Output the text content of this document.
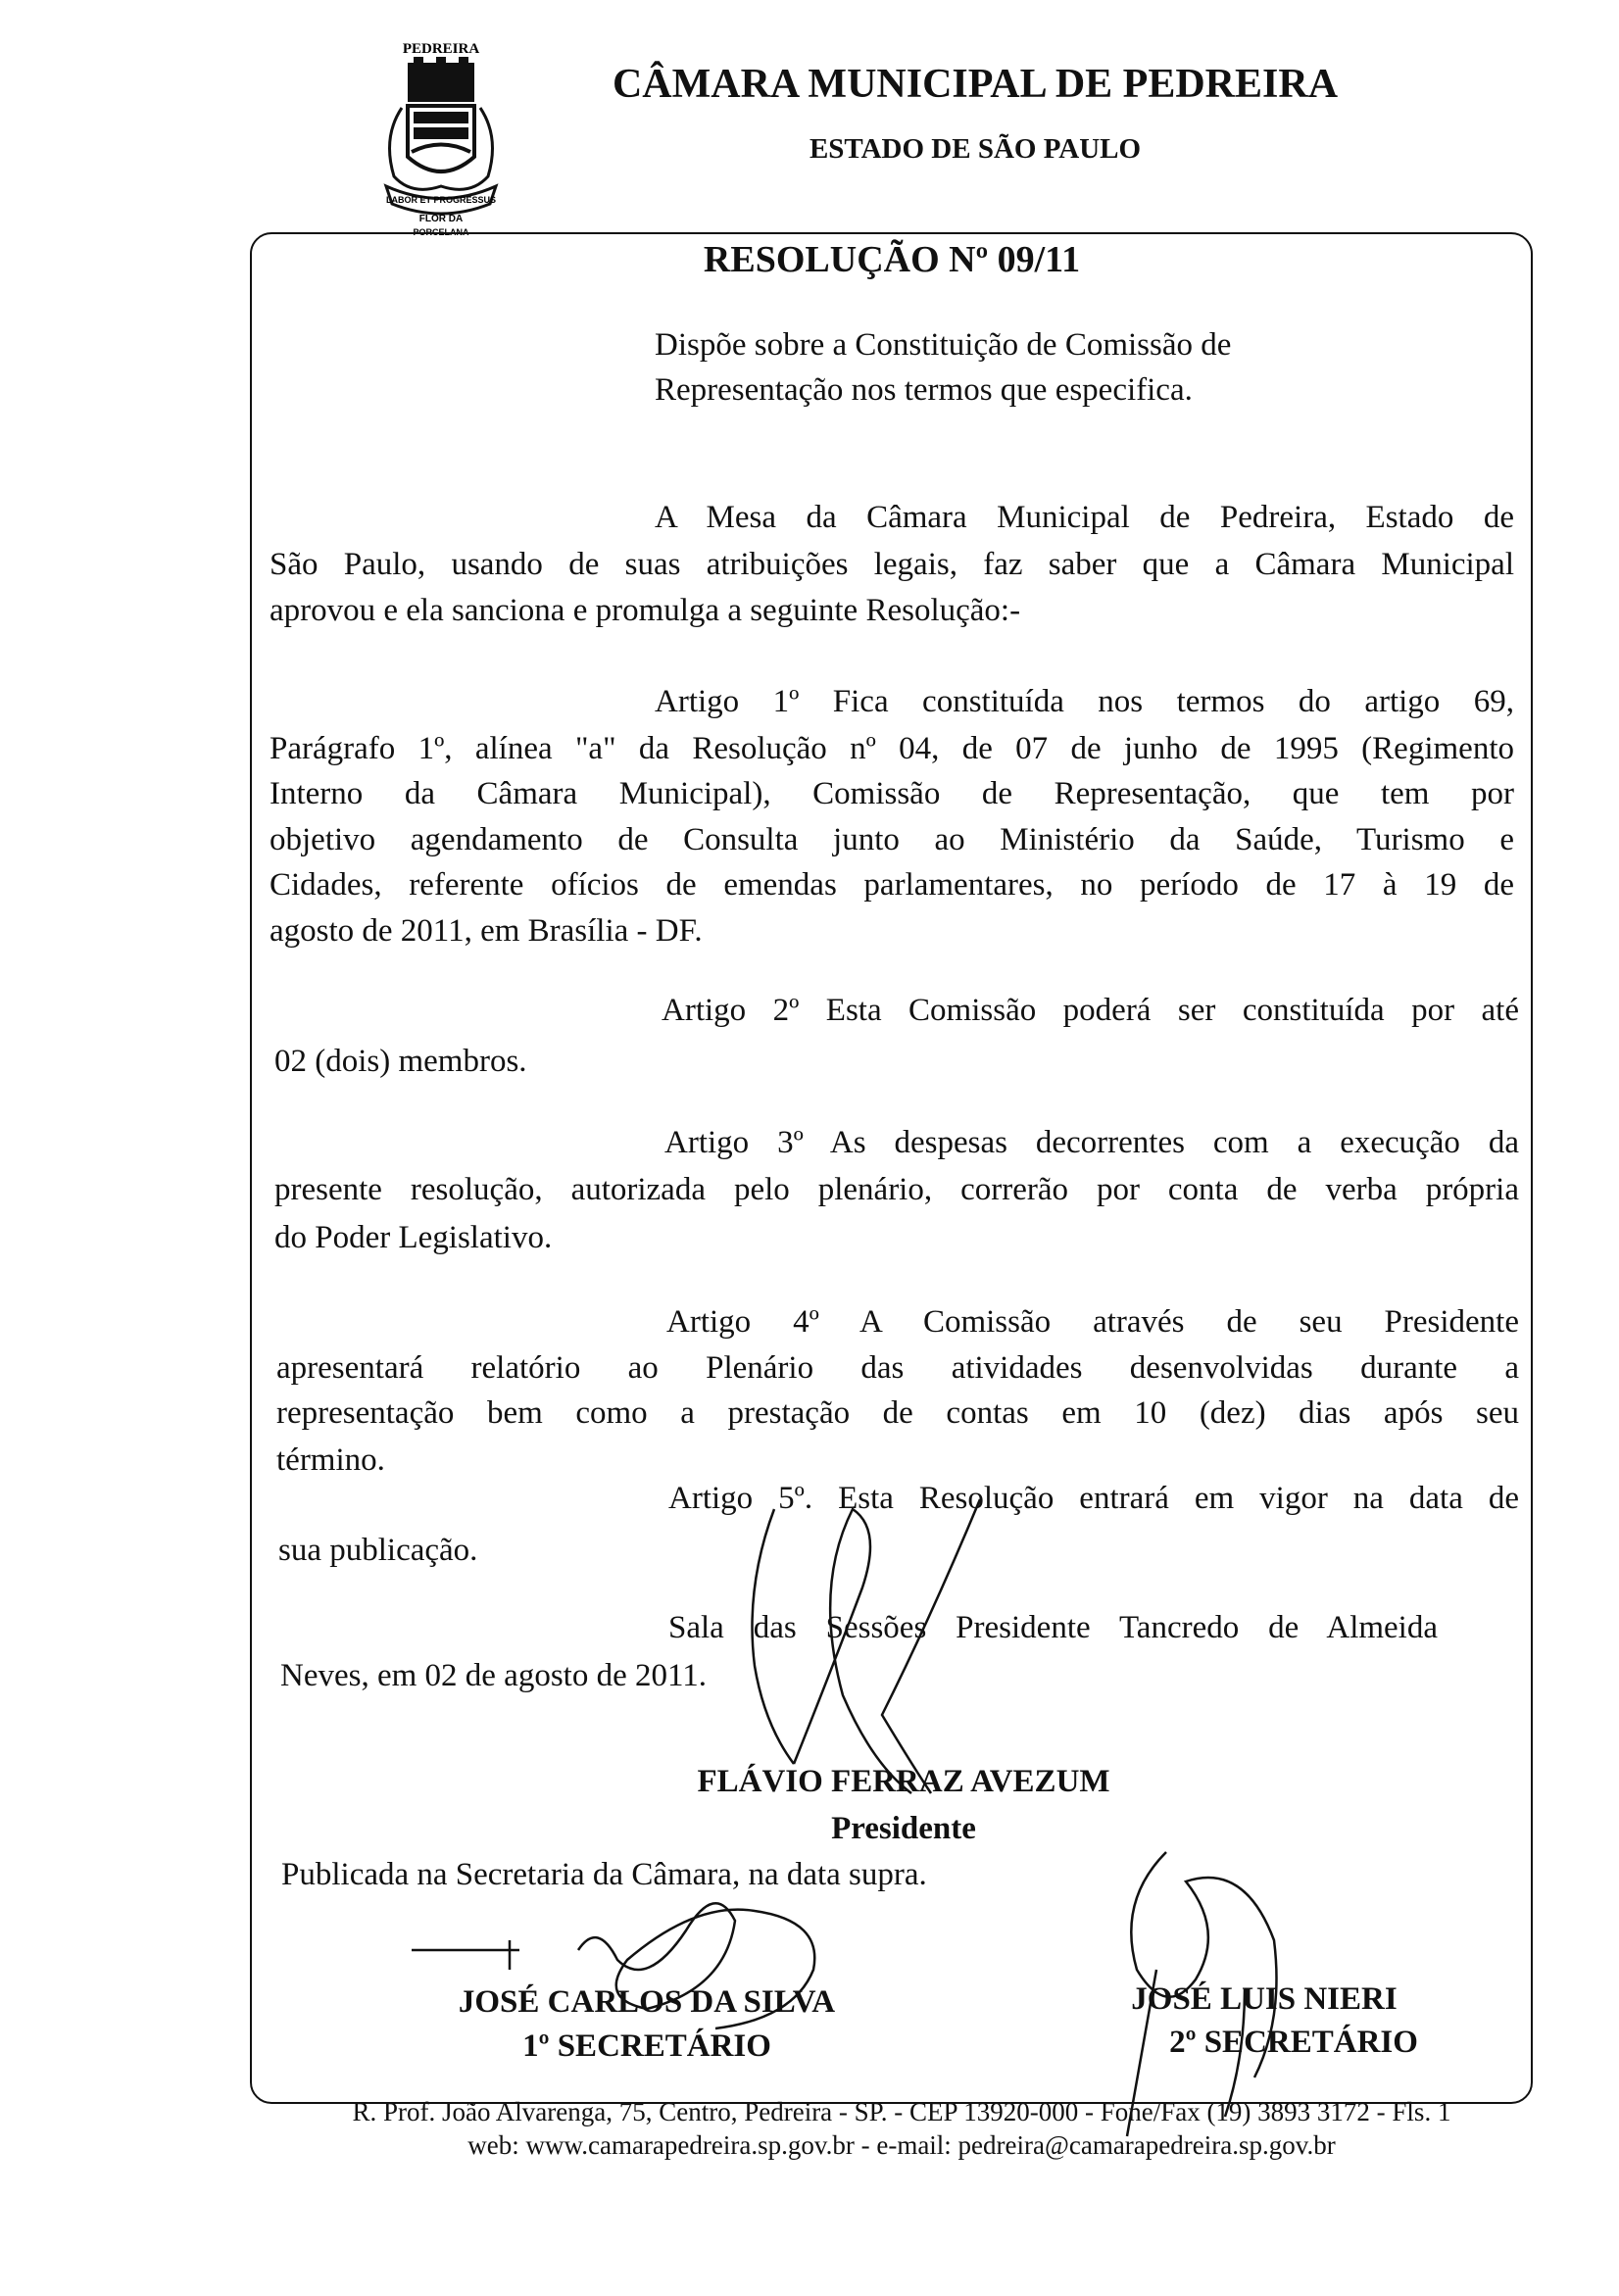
PEDREIRA
LABOR ET PROGRESSUS
FLOR DA
PORCELANA
CÂMARA MUNICIPAL DE PEDREIRA
ESTADO DE SÃO PAULO
RESOLUÇÃO Nº 09/11
Dispõe sobre a Constituição de Comissão de
Representação nos termos que especifica.
A Mesa da Câmara Municipal de Pedreira, Estado de
São Paulo, usando de suas atribuições legais, faz saber que a Câmara Municipal
aprovou e ela sanciona e promulga a seguinte Resolução:-
Artigo 1º Fica constituída nos termos do artigo 69,
Parágrafo 1º, alínea "a" da Resolução nº 04, de 07 de junho de 1995 (Regimento
Interno da Câmara Municipal), Comissão de Representação, que tem por
objetivo agendamento de Consulta junto ao Ministério da Saúde, Turismo e
Cidades, referente ofícios de emendas parlamentares, no período de 17 à 19 de
agosto de 2011, em Brasília - DF.
Artigo 2º Esta Comissão poderá ser constituída por até
02 (dois) membros.
Artigo 3º As despesas decorrentes com a execução da
presente resolução, autorizada pelo plenário, correrão por conta de verba própria
do Poder Legislativo.
Artigo 4º A Comissão através de seu Presidente
apresentará relatório ao Plenário das atividades desenvolvidas durante a
representação bem como a prestação de contas em 10 (dez) dias após seu
término.
Artigo 5º. Esta Resolução entrará em vigor na data de
sua publicação.
Sala das Sessões Presidente Tancredo de Almeida
Neves, em 02 de agosto de 2011.
FLÁVIO FERRAZ AVEZUM
Presidente
Publicada na Secretaria da Câmara, na data supra.
JOSÉ CARLOS DA SILVA
1º SECRETÁRIO
JOSÉ LUIS NIERI
2º SECRETÁRIO
R. Prof. João Alvarenga, 75, Centro, Pedreira - SP. - CEP 13920-000 - Fone/Fax (19) 3893 3172 - Fls. 1
web: www.camarapedreira.sp.gov.br - e-mail: pedreira@camarapedreira.sp.gov.br
